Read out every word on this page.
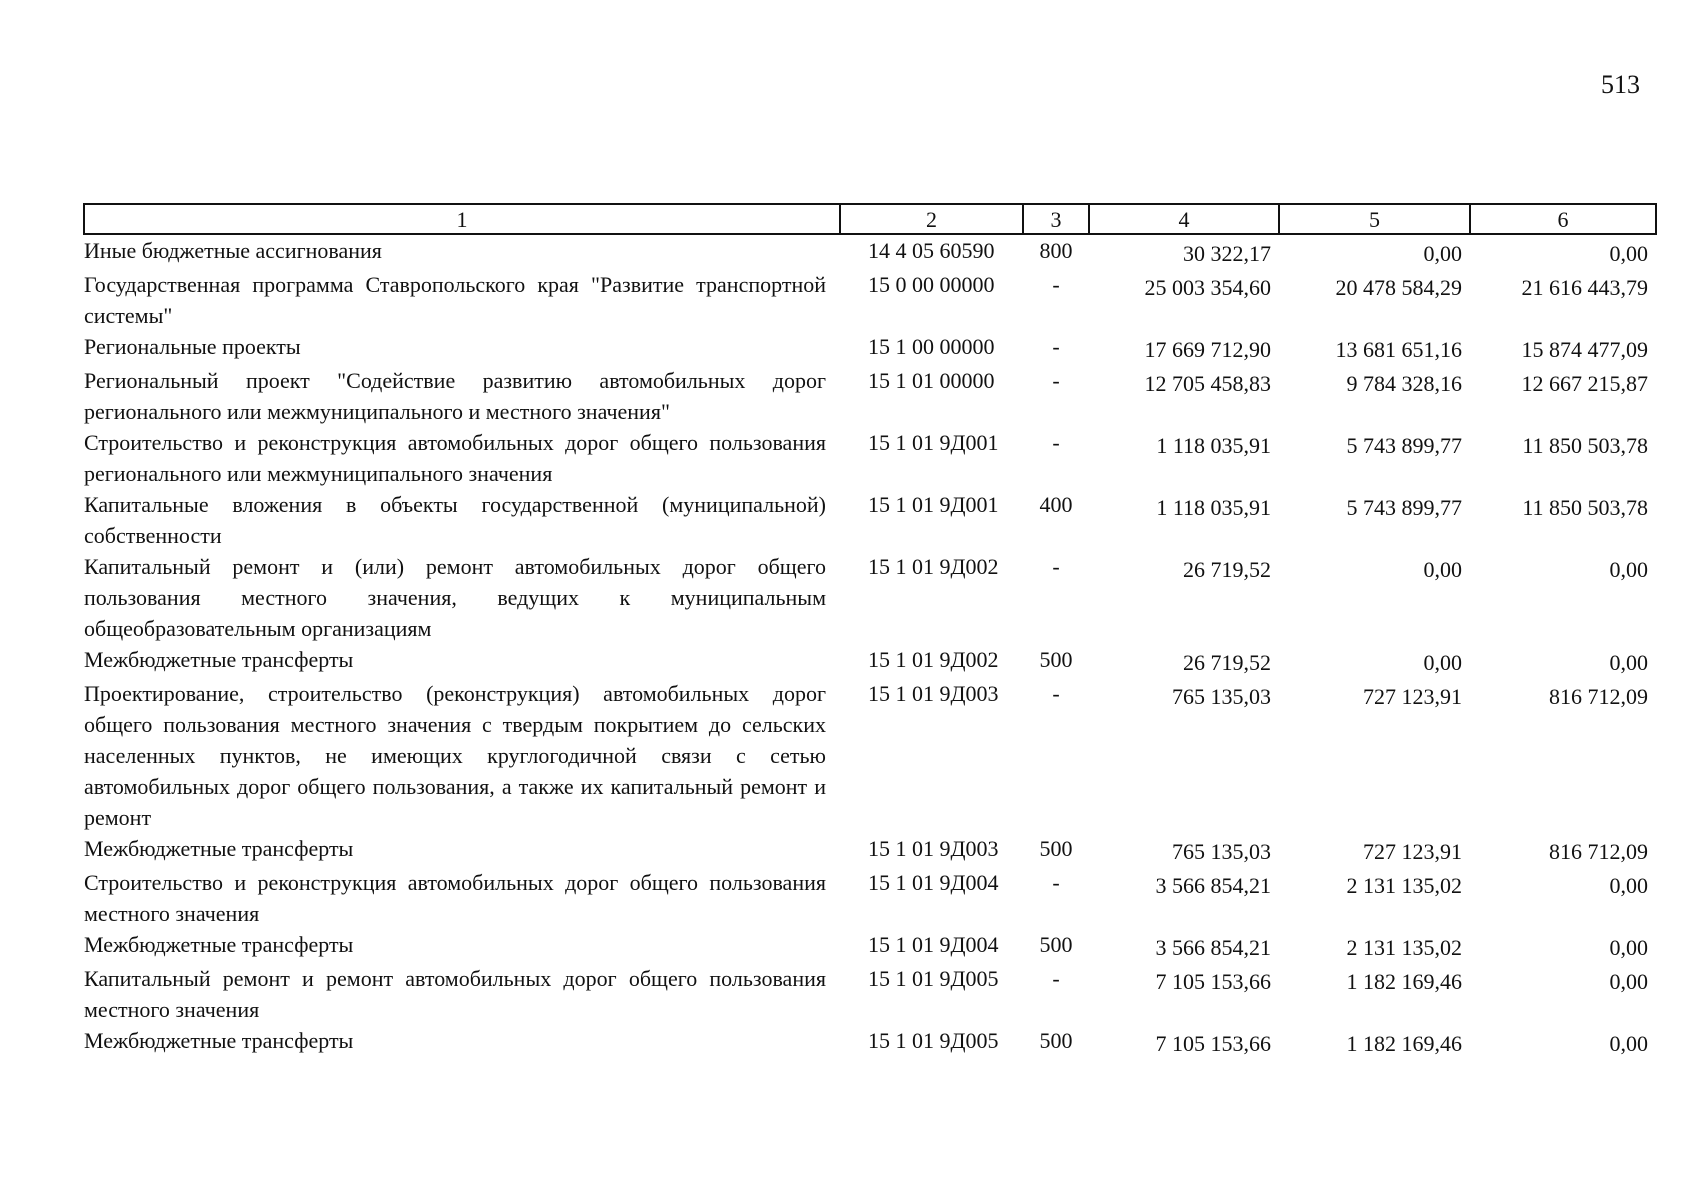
513
1	2	3	4	5	6
Иные бюджетные ассигнования	14 4 05 60590	800	30 322,17	0,00	0,00
Государственная программа Ставропольского края "Развитие транспортной системы"	15 0 00 00000	-	25 003 354,60	20 478 584,29	21 616 443,79
Региональные проекты	15 1 00 00000	-	17 669 712,90	13 681 651,16	15 874 477,09
Региональный проект "Содействие развитию автомобильных дорог регионального или межмуниципального и местного значения"	15 1 01 00000	-	12 705 458,83	9 784 328,16	12 667 215,87
Строительство и реконструкция автомобильных дорог общего пользования регионального или межмуниципального значения	15 1 01 9Д001	-	1 118 035,91	5 743 899,77	11 850 503,78
Капитальные вложения в объекты государственной (муниципальной) собственности	15 1 01 9Д001	400	1 118 035,91	5 743 899,77	11 850 503,78
Капитальный ремонт и (или) ремонт автомобильных дорог общего пользования местного значения, ведущих к муниципальным общеобразовательным организациям	15 1 01 9Д002	-	26 719,52	0,00	0,00
Межбюджетные трансферты	15 1 01 9Д002	500	26 719,52	0,00	0,00
Проектирование, строительство (реконструкция) автомобильных дорог общего пользования местного значения с твердым покрытием до сельских населенных пунктов, не имеющих круглогодичной связи с сетью автомобильных дорог общего пользования, а также их капитальный ремонт и ремонт	15 1 01 9Д003	-	765 135,03	727 123,91	816 712,09
Межбюджетные трансферты	15 1 01 9Д003	500	765 135,03	727 123,91	816 712,09
Строительство и реконструкция автомобильных дорог общего пользования местного значения	15 1 01 9Д004	-	3 566 854,21	2 131 135,02	0,00
Межбюджетные трансферты	15 1 01 9Д004	500	3 566 854,21	2 131 135,02	0,00
Капитальный ремонт и ремонт автомобильных дорог общего пользования местного значения	15 1 01 9Д005	-	7 105 153,66	1 182 169,46	0,00
Межбюджетные трансферты	15 1 01 9Д005	500	7 105 153,66	1 182 169,46	0,00
